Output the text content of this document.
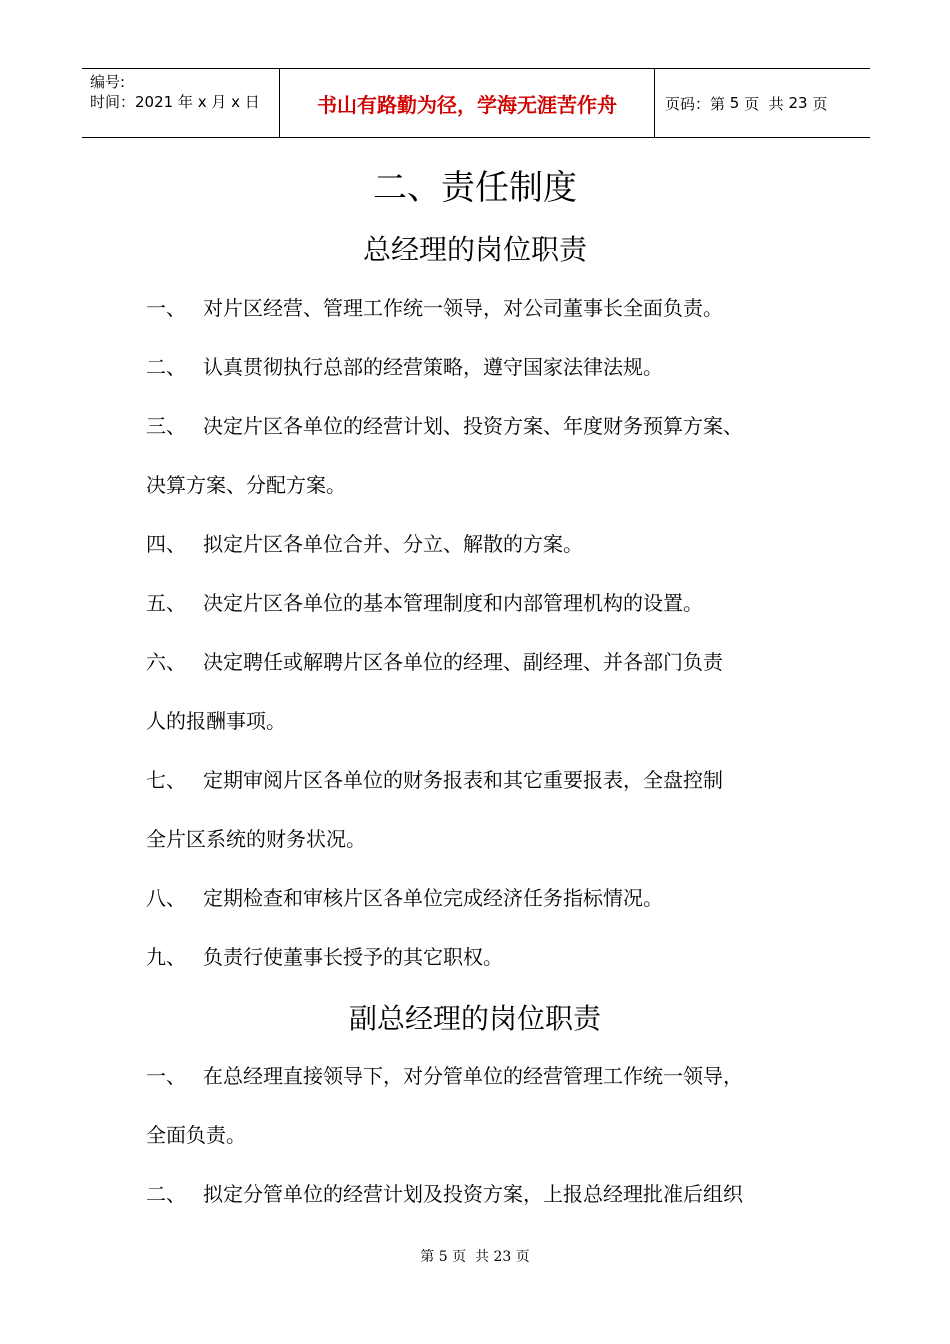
编号:
时间：2021 年 x 月 x 日	书山有路勤为径，学海无涯苦作舟	页码：第
5
页  共
23
页
二、责任制度
总经理的岗位职责
一、 对片区经营、管理工作统一领导，对公司董事长全面负责。
二、 认真贯彻执行总部的经营策略，遵守国家法律法规。
三、 决定片区各单位的经营计划、投资方案、年度财务预算方案、
决算方案、分配方案。
四、 拟定片区各单位合并、分立、解散的方案。
五、 决定片区各单位的基本管理制度和内部管理机构的设置。
六、 决定聘任或解聘片区各单位的经理、副经理、并各部门负责
人的报酬事项。
七、 定期审阅片区各单位的财务报表和其它重要报表，全盘控制
全片区系统的财务状况。
八、 定期检查和审核片区各单位完成经济任务指标情况。
九、 负责行使董事长授予的其它职权。
副总经理的岗位职责
一、 在总经理直接领导下，对分管单位的经营管理工作统一领导，
全面负责。
二、 拟定分管单位的经营计划及投资方案，上报总经理批准后组织
第 5 页  共 23 页
